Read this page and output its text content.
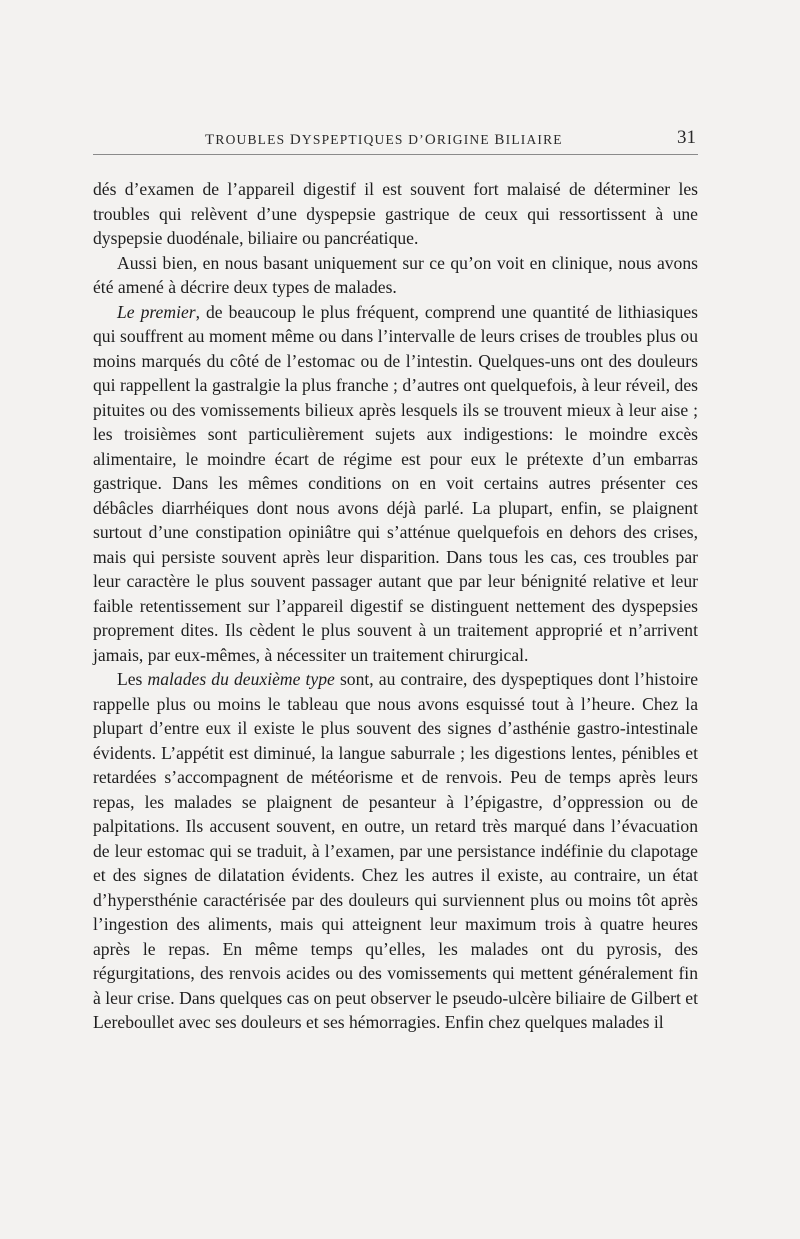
TROUBLES DYSPEPTIQUES D’ORIGINE BILIAIRE	31

dés d’examen de l’appareil digestif il est souvent fort malaisé de déterminer les troubles qui relèvent d’une dyspepsie gastrique de ceux qui ressortissent à une dyspepsie duodénale, biliaire ou pancréatique.

Aussi bien, en nous basant uniquement sur ce qu’on voit en clinique, nous avons été amené à décrire deux types de malades.

Le premier, de beaucoup le plus fréquent, comprend une quantité de lithiasiques qui souffrent au moment même ou dans l’intervalle de leurs crises de troubles plus ou moins marqués du côté de l’estomac ou de l’intestin. Quelques-uns ont des douleurs qui rappellent la gastralgie la plus franche ; d’autres ont quelquefois, à leur réveil, des pituites ou des vomissements bilieux après lesquels ils se trouvent mieux à leur aise ; les troisièmes sont particulièrement sujets aux indigestions: le moindre excès alimentaire, le moindre écart de régime est pour eux le prétexte d’un embarras gastrique. Dans les mêmes conditions on en voit certains autres présenter ces débâcles diarrhéiques dont nous avons déjà parlé. La plupart, enfin, se plaignent surtout d’une constipation opiniâtre qui s’atténue quelquefois en dehors des crises, mais qui persiste souvent après leur disparition. Dans tous les cas, ces troubles par leur caractère le plus souvent passager autant que par leur bénignité relative et leur faible retentissement sur l’appareil digestif se distinguent nettement des dyspepsies proprement dites. Ils cèdent le plus souvent à un traitement approprié et n’arrivent jamais, par eux-mêmes, à nécessiter un traitement chirurgical.

Les malades du deuxième type sont, au contraire, des dyspeptiques dont l’histoire rappelle plus ou moins le tableau que nous avons esquissé tout à l’heure. Chez la plupart d’entre eux il existe le plus souvent des signes d’asthénie gastro-intestinale évidents. L’appétit est diminué, la langue saburrale ; les digestions lentes, pénibles et retardées s’accompagnent de météorisme et de renvois. Peu de temps après leurs repas, les malades se plaignent de pesanteur à l’épigastre, d’oppression ou de palpitations. Ils accusent souvent, en outre, un retard très marqué dans l’évacuation de leur estomac qui se traduit, à l’examen, par une persistance indéfinie du clapotage et des signes de dilatation évidents. Chez les autres il existe, au contraire, un état d’hypersthénie caractérisée par des douleurs qui surviennent plus ou moins tôt après l’ingestion des aliments, mais qui atteignent leur maximum trois à quatre heures après le repas. En même temps qu’elles, les malades ont du pyrosis, des régurgitations, des renvois acides ou des vomissements qui mettent généralement fin à leur crise. Dans quelques cas on peut observer le pseudo-ulcère biliaire de Gilbert et Lereboullet avec ses douleurs et ses hémorragies. Enfin chez quelques malades il
